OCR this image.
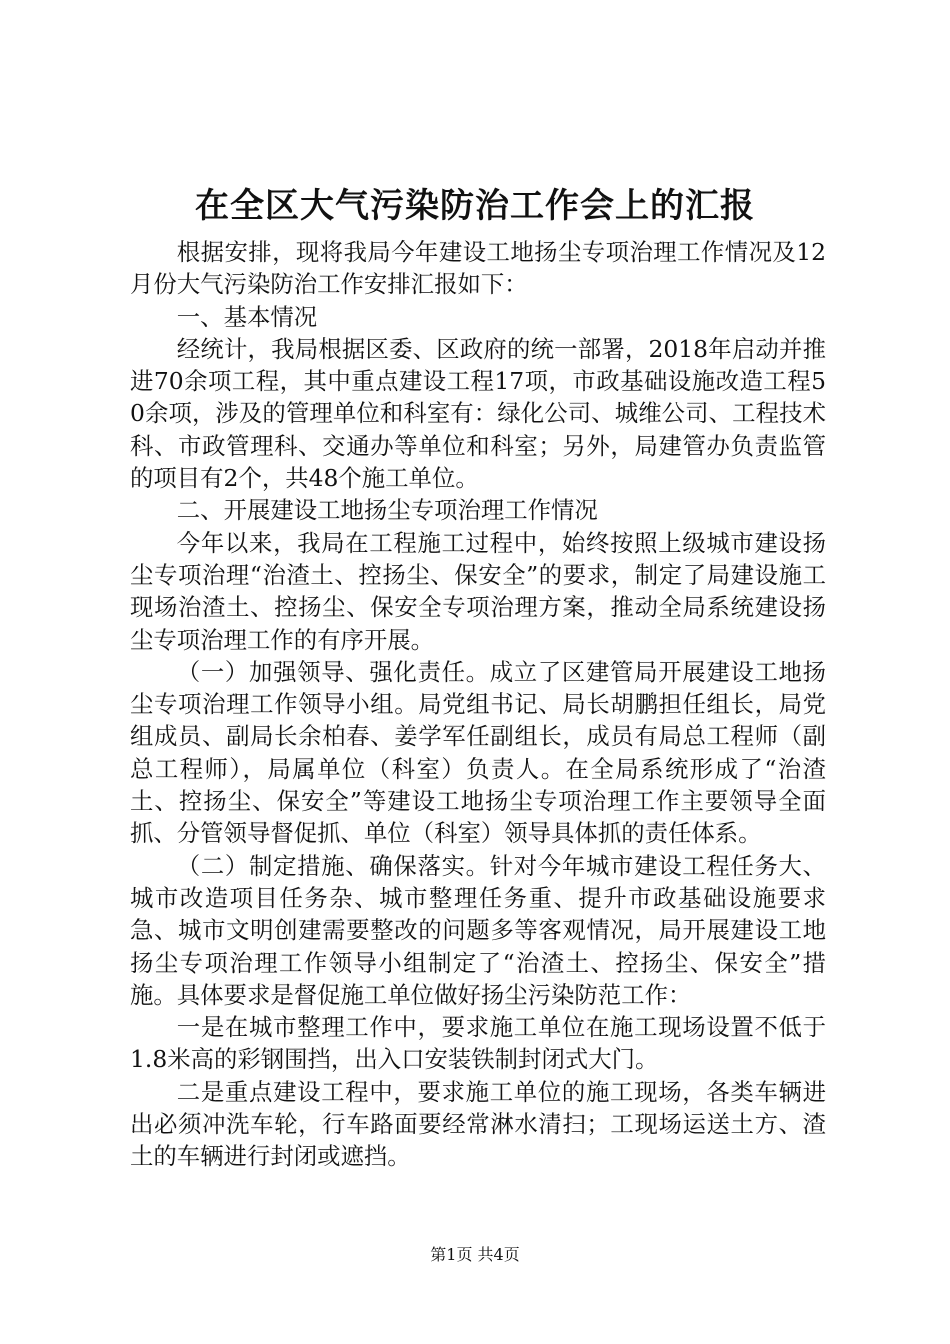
在全区大气污染防治工作会上的汇报

根据安排，现将我局今年建设工地扬尘专项治理工作情况及12月份大气污染防治工作安排汇报如下：

一、基本情况

经统计，我局根据区委、区政府的统一部署，2018年启动并推进70余项工程，其中重点建设工程17项，市政基础设施改造工程50余项，涉及的管理单位和科室有：绿化公司、城维公司、工程技术科、市政管理科、交通办等单位和科室；另外，局建管办负责监管的项目有2个，共48个施工单位。

二、开展建设工地扬尘专项治理工作情况

今年以来，我局在工程施工过程中，始终按照上级城市建设扬尘专项治理“治渣土、控扬尘、保安全”的要求，制定了局建设施工现场治渣土、控扬尘、保安全专项治理方案，推动全局系统建设扬尘专项治理工作的有序开展。

（一）加强领导、强化责任。成立了区建管局开展建设工地扬尘专项治理工作领导小组。局党组书记、局长胡鹏担任组长，局党组成员、副局长余柏春、姜学军任副组长，成员有局总工程师（副总工程师），局属单位（科室）负责人。在全局系统形成了“治渣土、控扬尘、保安全”等建设工地扬尘专项治理工作主要领导全面抓、分管领导督促抓、单位（科室）领导具体抓的责任体系。

（二）制定措施、确保落实。针对今年城市建设工程任务大、城市改造项目任务杂、城市整理任务重、提升市政基础设施要求急、城市文明创建需要整改的问题多等客观情况，局开展建设工地扬尘专项治理工作领导小组制定了“治渣土、控扬尘、保安全”措施。具体要求是督促施工单位做好扬尘污染防范工作：

一是在城市整理工作中，要求施工单位在施工现场设置不低于1.8米高的彩钢围挡，出入口安装铁制封闭式大门。

二是重点建设工程中，要求施工单位的施工现场，各类车辆进出必须冲洗车轮，行车路面要经常淋水清扫；工现场运送土方、渣土的车辆进行封闭或遮挡。

第1页 共4页
